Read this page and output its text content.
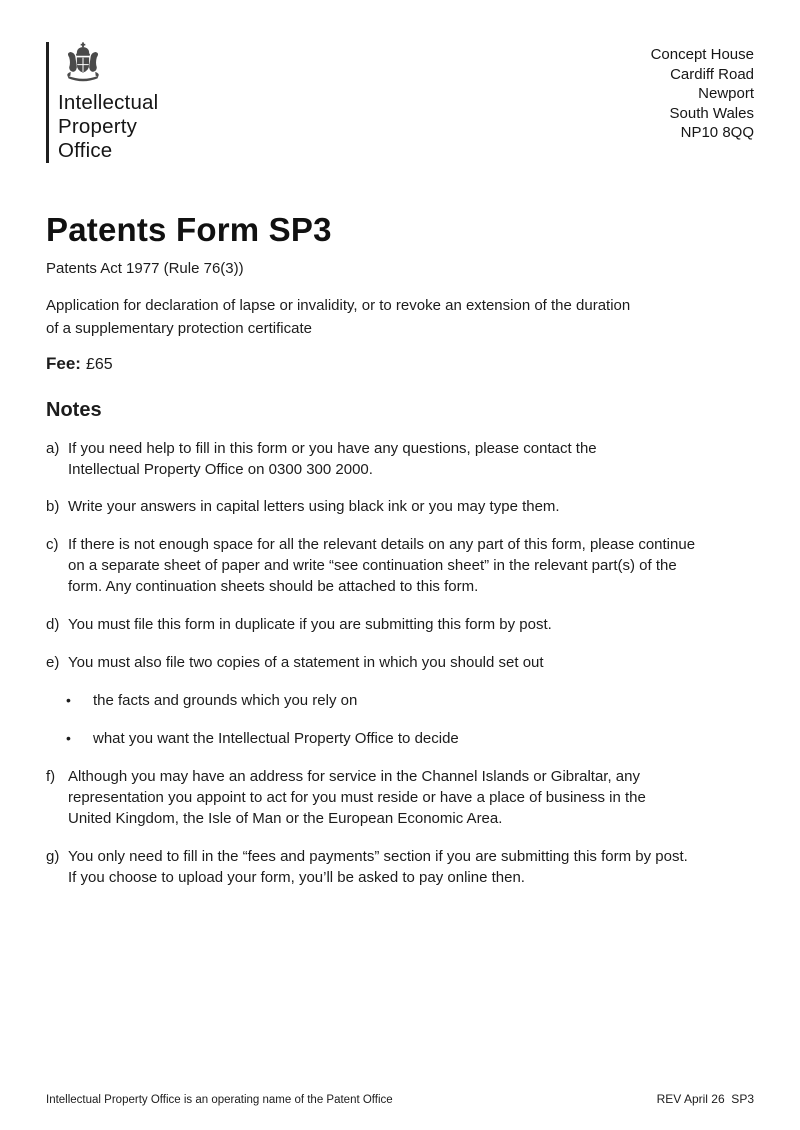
Intellectual
Property
Office
Concept House
Cardiff Road
Newport
South Wales
NP10 8QQ
Patents Form SP3
Patents Act 1977 (Rule 76(3))
Application for declaration of lapse or invalidity, or to revoke an extension of the duration
of a supplementary protection certificate
Fee: £65
Notes
a) If you need help to fill in this form or you have any questions, please contact the
Intellectual Property Office on 0300 300 2000.
b) Write your answers in capital letters using black ink or you may type them.
c) If there is not enough space for all the relevant details on any part of this form, please continue
on a separate sheet of paper and write “see continuation sheet” in the relevant part(s) of the
form. Any continuation sheets should be attached to this form.
d) You must file this form in duplicate if you are submitting this form by post.
e) You must also file two copies of a statement in which you should set out
•	the facts and grounds which you rely on
•	what you want the Intellectual Property Office to decide
f) Although you may have an address for service in the Channel Islands or Gibraltar, any
representation you appoint to act for you must reside or have a place of business in the
United Kingdom, the Isle of Man or the European Economic Area.
g) You only need to fill in the “fees and payments” section if you are submitting this form by post.
If you choose to upload your form, you’ll be asked to pay online then.
Intellectual Property Office is an operating name of the Patent Office	REV April 26  SP3
